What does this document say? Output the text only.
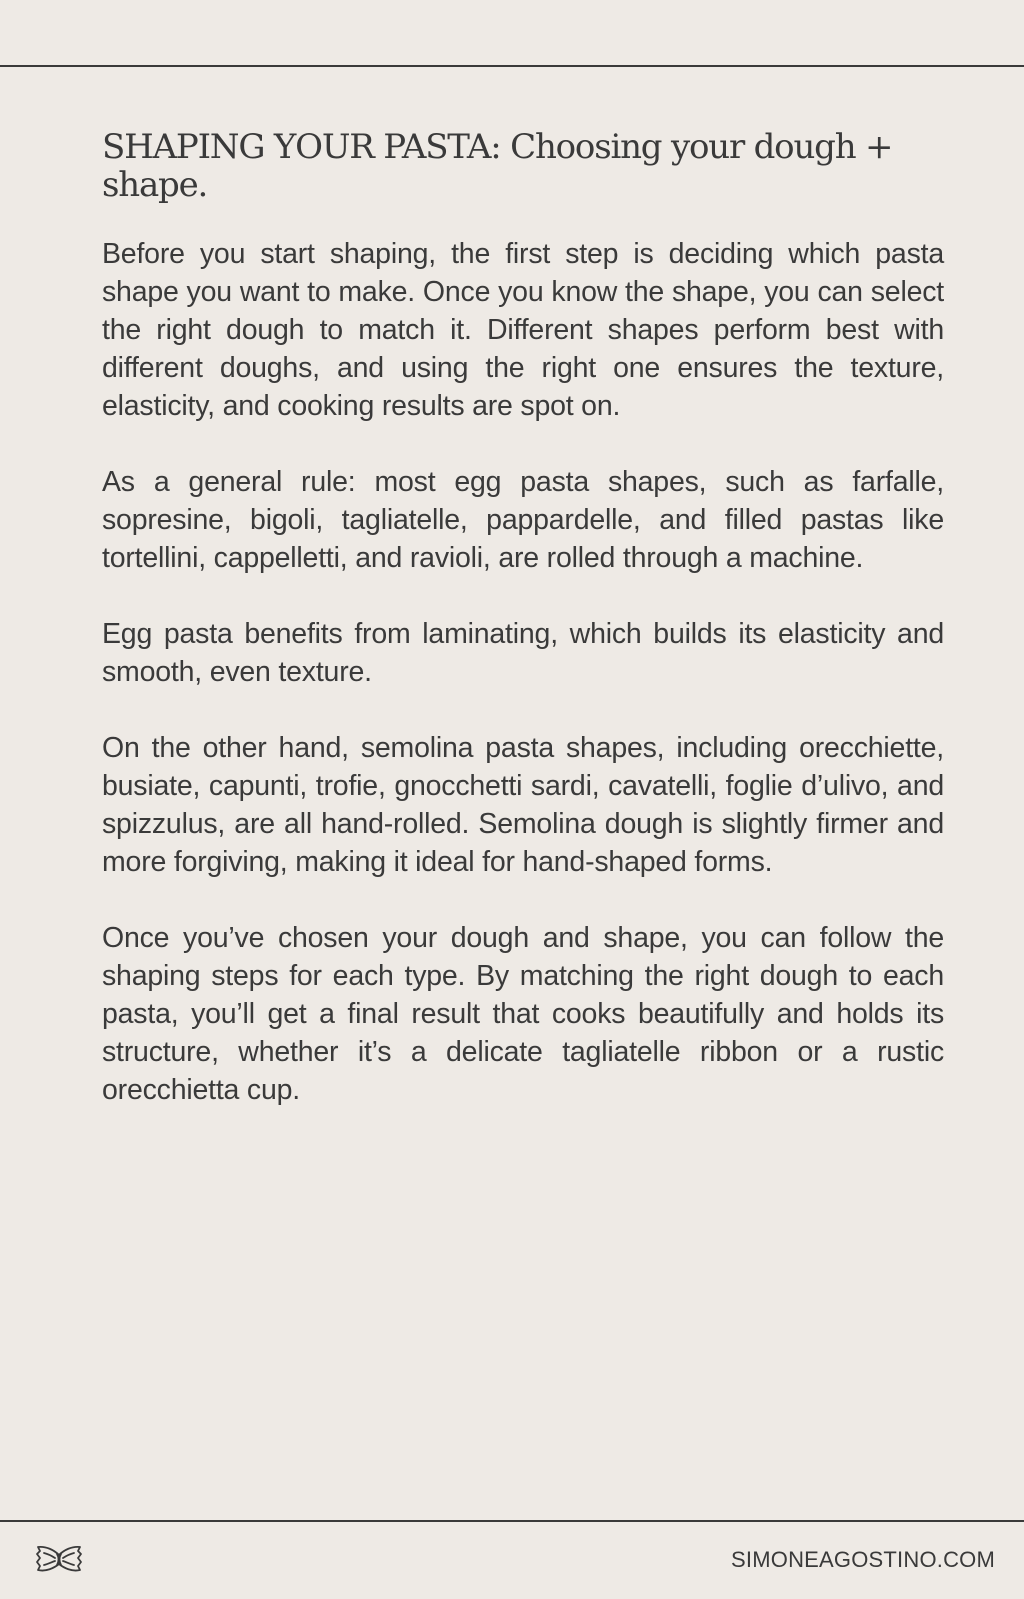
SHAPING YOUR PASTA: Choosing your dough + shape.

Before you start shaping, the first step is deciding which pasta shape you want to make. Once you know the shape, you can select the right dough to match it. Different shapes perform best with different doughs, and using the right one ensures the texture, elasticity, and cooking results are spot on.

As a general rule: most egg pasta shapes, such as farfalle, sopresine, bigoli, tagliatelle, pappardelle, and filled pastas like tortellini, cappelletti, and ravioli, are rolled through a machine.

Egg pasta benefits from laminating, which builds its elasticity and smooth, even texture.

On the other hand, semolina pasta shapes, including orecchiette, busiate, capunti, trofie, gnocchetti sardi, cavatelli, foglie d’ulivo, and spizzulus, are all hand-rolled. Semolina dough is slightly firmer and more forgiving, making it ideal for hand-shaped forms.

Once you’ve chosen your dough and shape, you can follow the shaping steps for each type. By matching the right dough to each pasta, you’ll get a final result that cooks beautifully and holds its structure, whether it’s a delicate tagliatelle ribbon or a rustic orecchietta cup.

SIMONEAGOSTINO.COM
